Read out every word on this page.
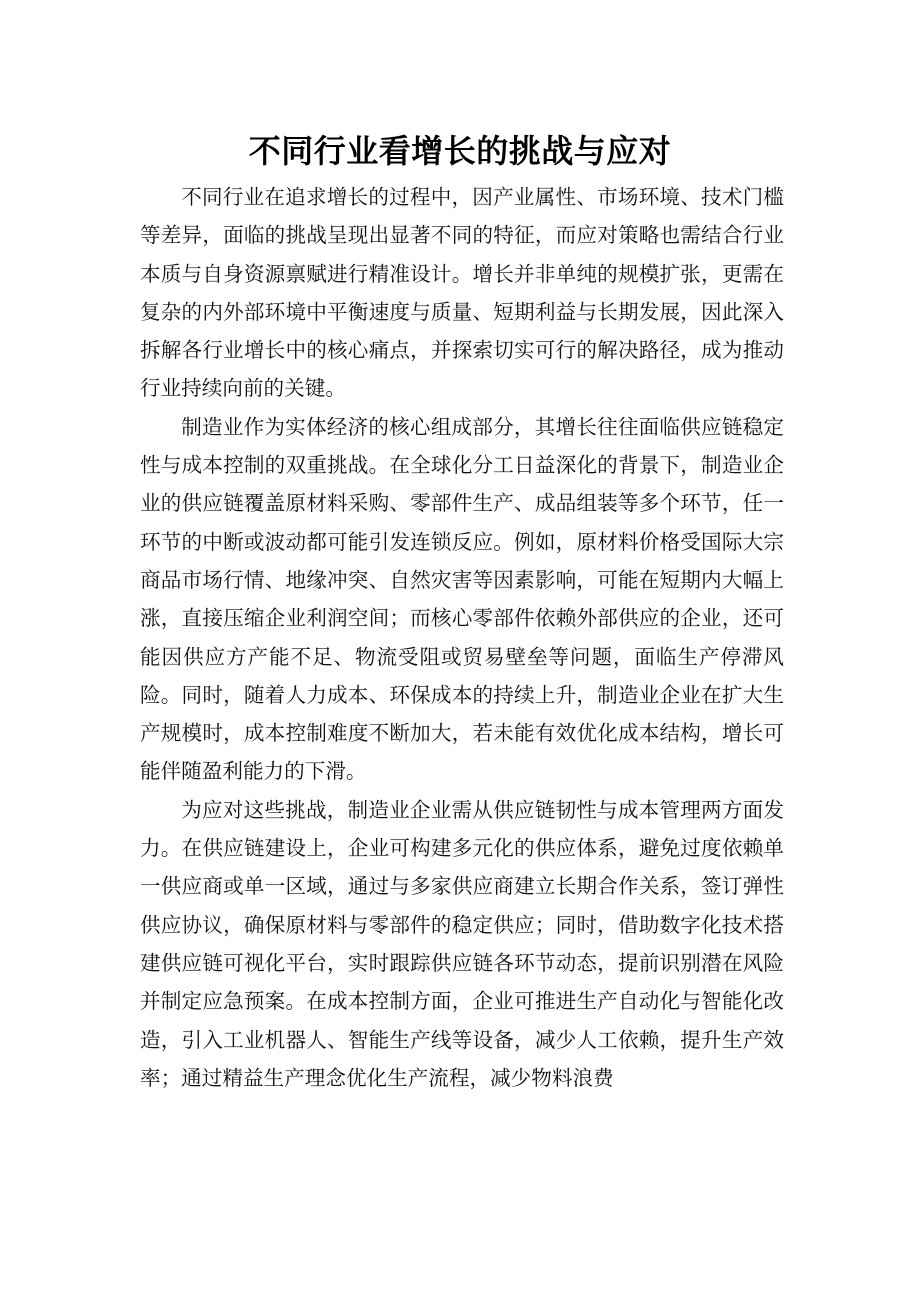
不同行业看增长的挑战与应对

不同行业在追求增长的过程中，因产业属性、市场环境、技术门槛等差异，面临的挑战呈现出显著不同的特征，而应对策略也需结合行业本质与自身资源禀赋进行精准设计。增长并非单纯的规模扩张，更需在复杂的内外部环境中平衡速度与质量、短期利益与长期发展，因此深入拆解各行业增长中的核心痛点，并探索切实可行的解决路径，成为推动行业持续向前的关键。

制造业作为实体经济的核心组成部分，其增长往往面临供应链稳定性与成本控制的双重挑战。在全球化分工日益深化的背景下，制造业企业的供应链覆盖原材料采购、零部件生产、成品组装等多个环节，任一环节的中断或波动都可能引发连锁反应。例如，原材料价格受国际大宗商品市场行情、地缘冲突、自然灾害等因素影响，可能在短期内大幅上涨，直接压缩企业利润空间；而核心零部件依赖外部供应的企业，还可能因供应方产能不足、物流受阻或贸易壁垒等问题，面临生产停滞风险。同时，随着人力成本、环保成本的持续上升，制造业企业在扩大生产规模时，成本控制难度不断加大，若未能有效优化成本结构，增长可能伴随盈利能力的下滑。

为应对这些挑战，制造业企业需从供应链韧性与成本管理两方面发力。在供应链建设上，企业可构建多元化的供应体系，避免过度依赖单一供应商或单一区域，通过与多家供应商建立长期合作关系，签订弹性供应协议，确保原材料与零部件的稳定供应；同时，借助数字化技术搭建供应链可视化平台，实时跟踪供应链各环节动态，提前识别潜在风险并制定应急预案。在成本控制方面，企业可推进生产自动化与智能化改造，引入工业机器人、智能生产线等设备，减少人工依赖，提升生产效率；通过精益生产理念优化生产流程，减少物料浪费
